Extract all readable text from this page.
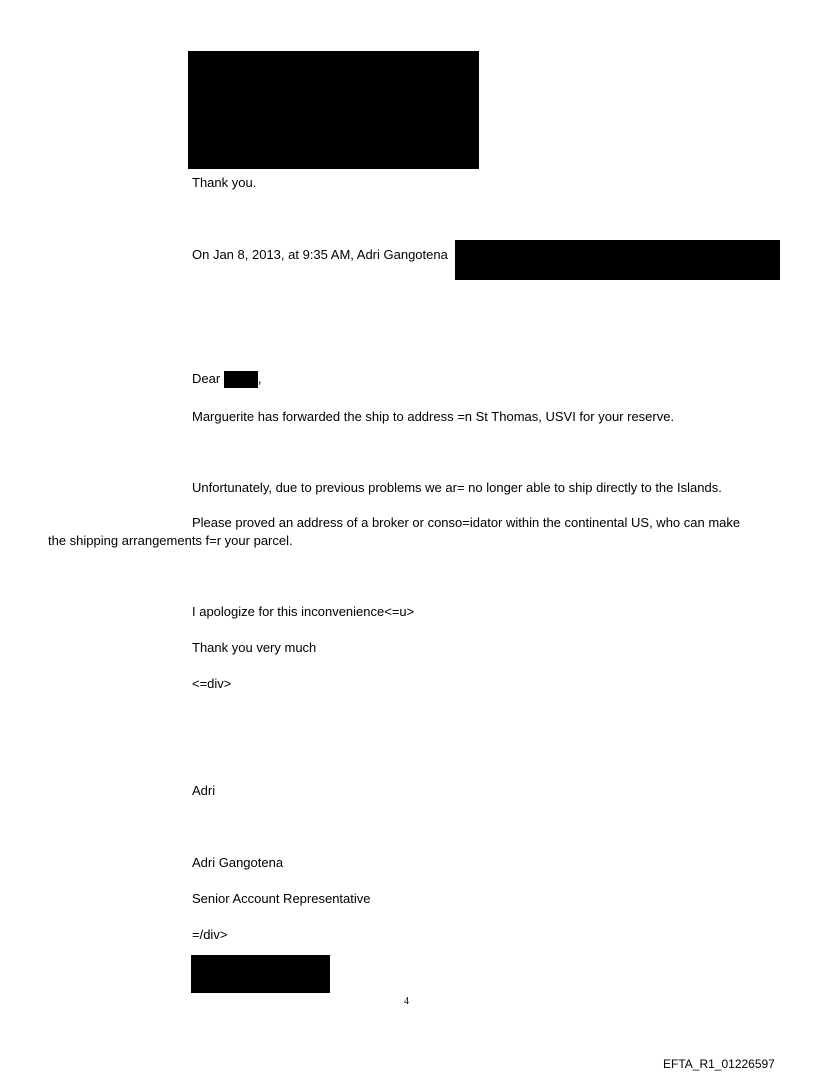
Thank you.
On Jan 8, 2013, at 9:35 AM, Adri Gangotena
Dear	,
Marguerite has forwarded the ship to address =n St Thomas, USVI for your reserve.
Unfortunately, due to previous problems we ar= no longer able to ship directly to the Islands.
Please proved an address of a broker or conso=idator within the continental US, who can make
the shipping arrangements f=r your parcel.
I apologize for this inconvenience<=u>
Thank you very much
<=div>
Adri
Adri Gangotena
Senior Account Representative
=/div>
4
EFTA_R1_01226597
